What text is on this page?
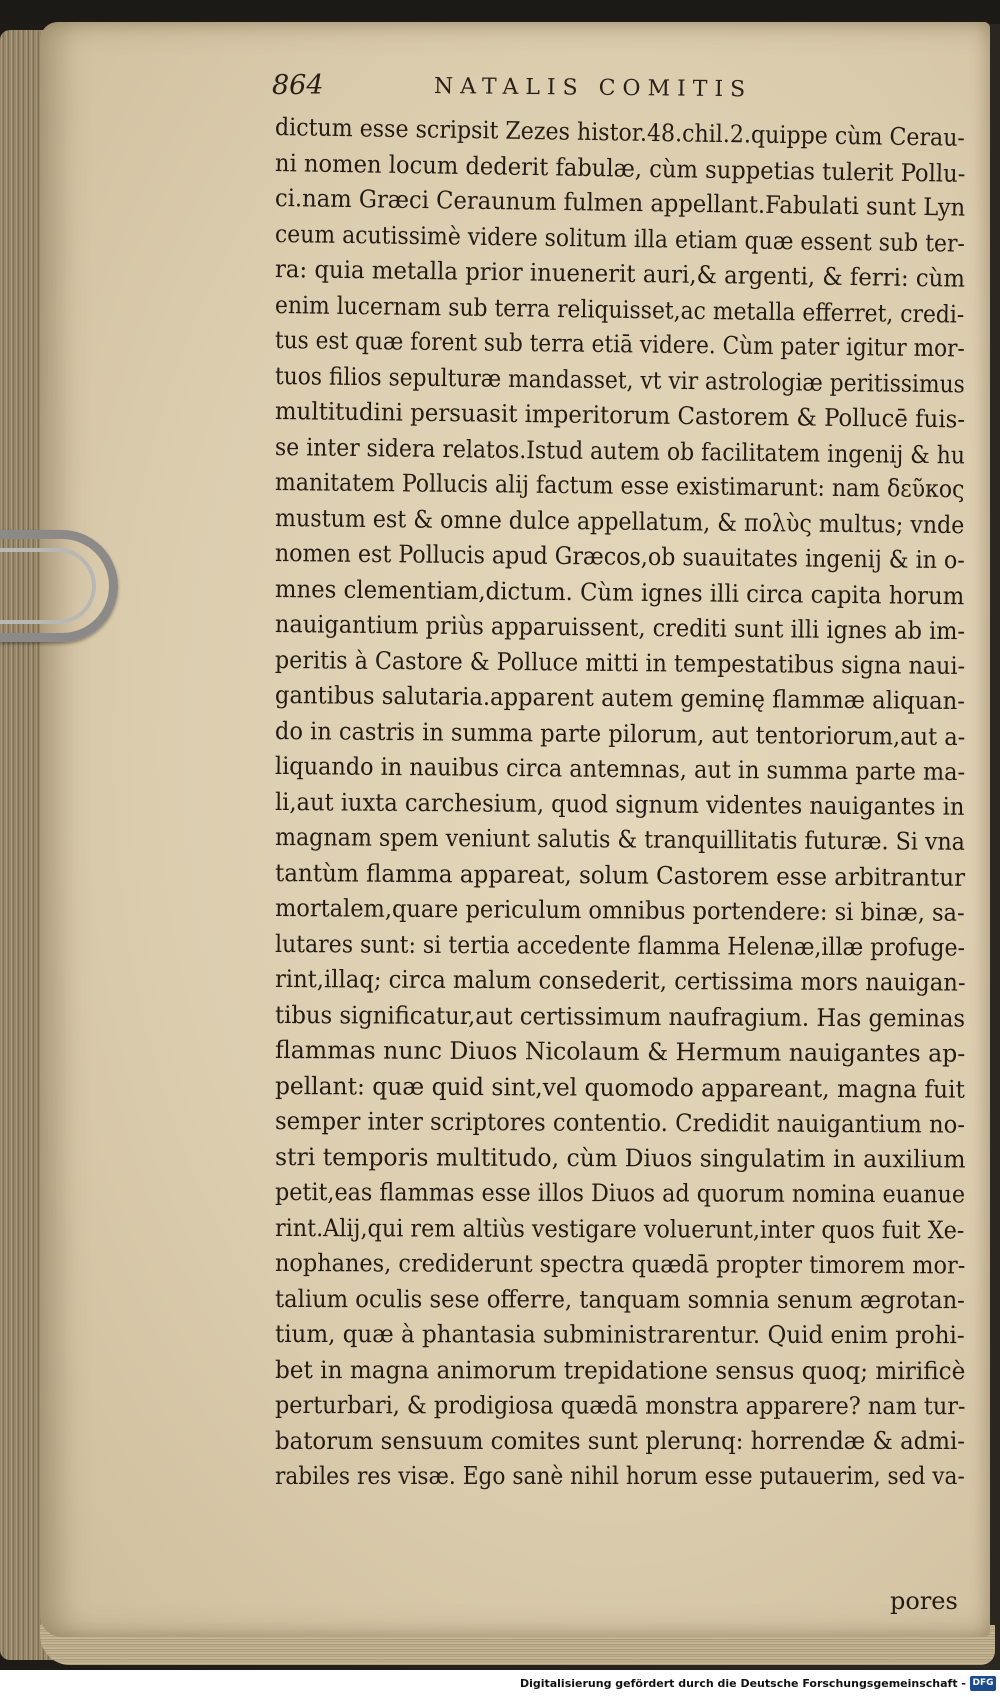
864	NATALIS COMITIS
dictum esse scripsit Zezes histor.48.chil.2.quippe cùm Cerau-
ni nomen locum dederit fabulæ, cùm suppetias tulerit Pollu-
ci.nam Græci Ceraunum fulmen appellant.Fabulati sunt Lyn
ceum acutissimè videre solitum illa etiam quæ essent sub ter-
ra: quia metalla prior inuenerit auri,& argenti, & ferri: cùm
enim lucernam sub terra reliquisset,ac metalla efferret, credi-
tus est quæ forent sub terra etiā videre. Cùm pater igitur mor-
tuos filios sepulturæ mandasset, vt vir astrologiæ peritissimus
multitudini persuasit imperitorum Castorem & Pollucē fuis-
se inter sidera relatos.Istud autem ob facilitatem ingenij & hu
manitatem Pollucis alij factum esse existimarunt: nam δεῦκος
mustum est & omne dulce appellatum, & πολὺς multus; vnde
nomen est Pollucis apud Græcos,ob suauitates ingenij & in o-
mnes clementiam,dictum. Cùm ignes illi circa capita horum
nauigantium priùs apparuissent, crediti sunt illi ignes ab im-
peritis à Castore & Polluce mitti in tempestatibus signa naui-
gantibus salutaria.apparent autem geminę flammæ aliquan-
do in castris in summa parte pilorum, aut tentoriorum,aut a-
liquando in nauibus circa antemnas, aut in summa parte ma-
li,aut iuxta carchesium, quod signum videntes nauigantes in
magnam spem veniunt salutis & tranquillitatis futuræ. Si vna
tantùm flamma appareat, solum Castorem esse arbitrantur
mortalem,quare periculum omnibus portendere: si binæ, sa-
lutares sunt: si tertia accedente flamma Helenæ,illæ profuge-
rint,illaq; circa malum consederit, certissima mors nauigan-
tibus significatur,aut certissimum naufragium. Has geminas
flammas nunc Diuos Nicolaum & Hermum nauigantes ap-
pellant: quæ quid sint,vel quomodo appareant, magna fuit
semper inter scriptores contentio. Credidit nauigantium no-
stri temporis multitudo, cùm Diuos singulatim in auxilium
petit,eas flammas esse illos Diuos ad quorum nomina euanue
rint.Alij,qui rem altiùs vestigare voluerunt,inter quos fuit Xe-
nophanes, crediderunt spectra quædā propter timorem mor-
talium oculis sese offerre, tanquam somnia senum ægrotan-
tium, quæ à phantasia subministrarentur. Quid enim prohi-
bet in magna animorum trepidatione sensus quoq; mirificè
perturbari, & prodigiosa quædā monstra apparere? nam tur-
batorum sensuum comites sunt plerunq: horrendæ & admi-
rabiles res visæ. Ego sanè nihil horum esse putauerim, sed va-
pores
Digitalisierung gefördert durch die Deutsche Forschungsgemeinschaft - DFG
